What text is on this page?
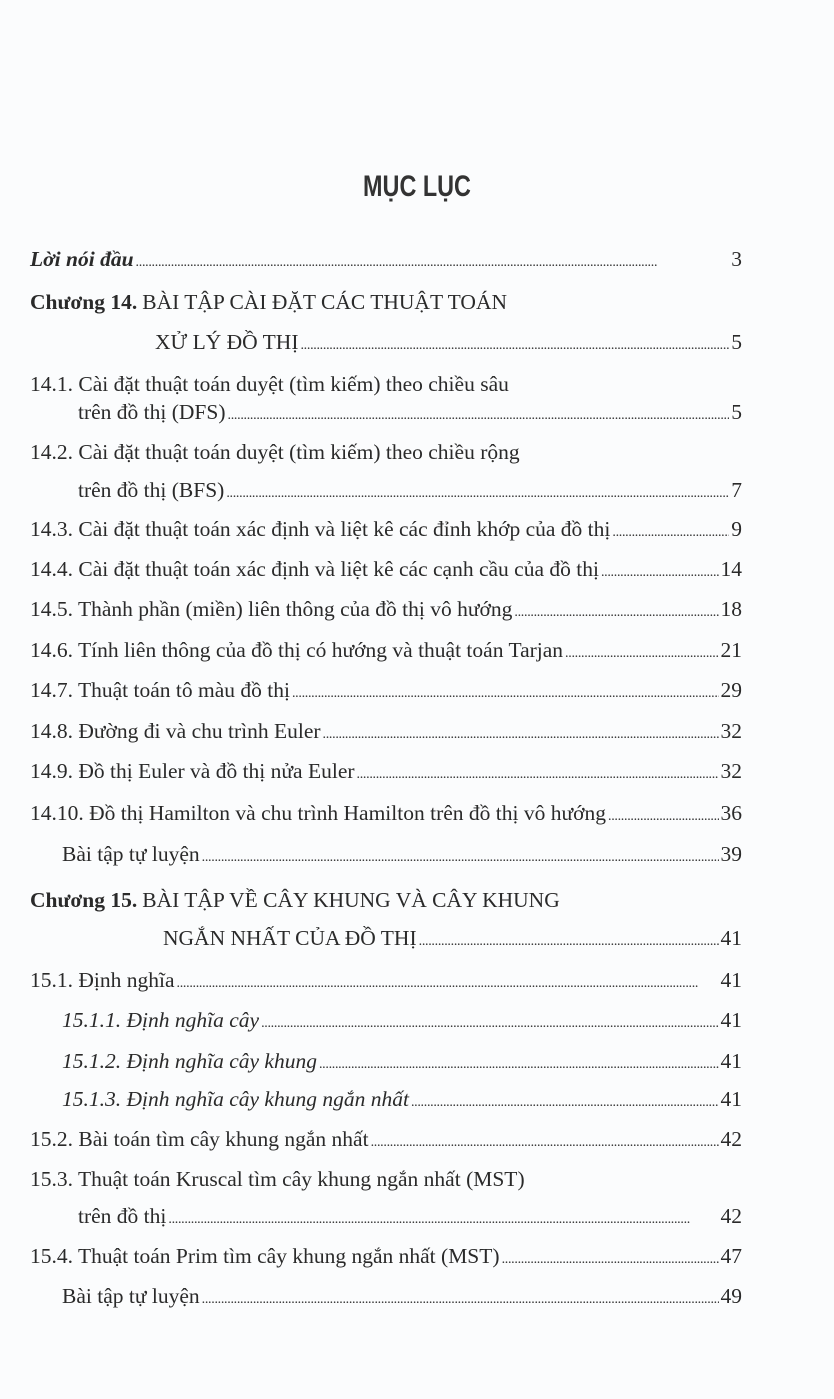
MỤC LỤC
Lời nói đầu . . .	3
Chương 14. BÀI TẬP CÀI ĐẶT CÁC THUẬT TOÁN
XỬ LÝ ĐỒ THỊ . . .	5
14.1. Cài đặt thuật toán duyệt (tìm kiếm) theo chiều sâu
trên đồ thị (DFS) . . .	5
14.2. Cài đặt thuật toán duyệt (tìm kiếm) theo chiều rộng
trên đồ thị (BFS) . . .	7
14.3. Cài đặt thuật toán xác định và liệt kê các đỉnh khớp của đồ thị . . .	9
14.4. Cài đặt thuật toán xác định và liệt kê các cạnh cầu của đồ thị . . .	14
14.5. Thành phần (miền) liên thông của đồ thị vô hướng . . .	18
14.6. Tính liên thông của đồ thị có hướng và thuật toán Tarjan . . .	21
14.7. Thuật toán tô màu đồ thị . . .	29
14.8. Đường đi và chu trình Euler . . .	32
14.9. Đồ thị Euler và đồ thị nửa Euler . . .	32
14.10. Đồ thị Hamilton và chu trình Hamilton trên đồ thị vô hướng . . .	36
Bài tập tự luyện . . .	39
Chương 15. BÀI TẬP VỀ CÂY KHUNG VÀ CÂY KHUNG
NGẮN NHẤT CỦA ĐỒ THỊ . . .	41
15.1. Định nghĩa . . .	41
15.1.1. Định nghĩa cây . . .	41
15.1.2. Định nghĩa cây khung . . .	41
15.1.3. Định nghĩa cây khung ngắn nhất . . .	41
15.2. Bài toán tìm cây khung ngắn nhất . . .	42
15.3. Thuật toán Kruscal tìm cây khung ngắn nhất (MST)
trên đồ thị . . .	42
15.4. Thuật toán Prim tìm cây khung ngắn nhất (MST) . . .	47
Bài tập tự luyện . . .	49
